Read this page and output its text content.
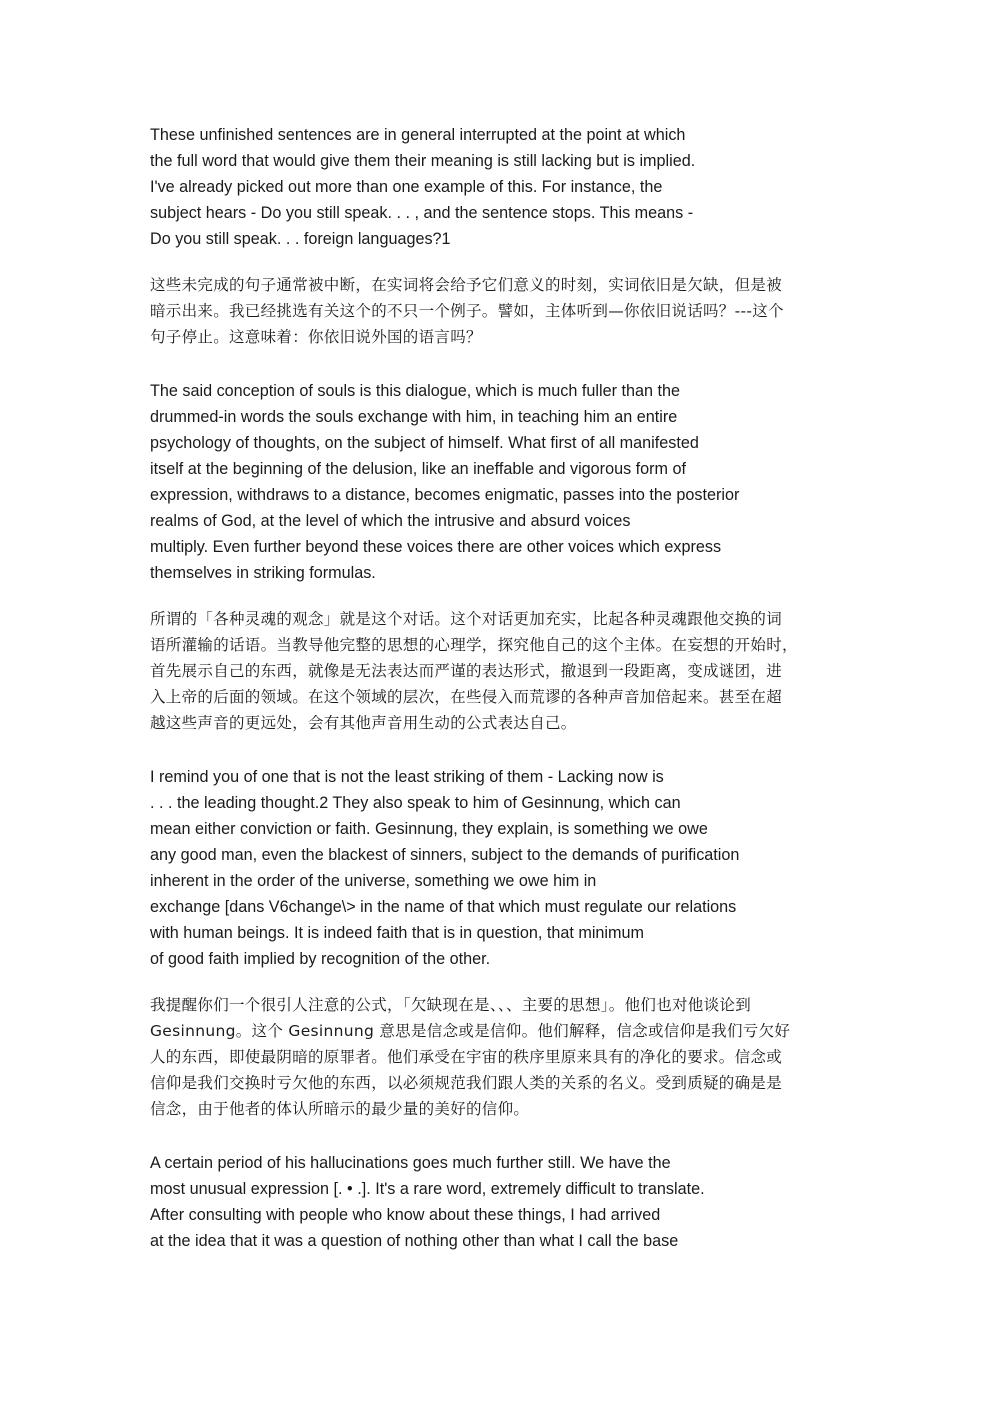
These unfinished sentences are in general interrupted at the point at which
the full word that would give them their meaning is still lacking but is implied.
I've already picked out more than one example of this. For instance, the
subject hears - Do you still speak. . . , and the sentence stops. This means -
Do you still speak. . . foreign languages?1

这些未完成的句子通常被中断，在实词将会给予它们意义的时刻，实词依旧是欠缺，但是被
暗示出来。我已经挑选有关这个的不只一个例子。譬如，主体听到—你依旧说话吗？---这个
句子停止。这意味着：你依旧说外国的语言吗？

The said conception of souls is this dialogue, which is much fuller than the
drummed-in words the souls exchange with him, in teaching him an entire
psychology of thoughts, on the subject of himself. What first of all manifested
itself at the beginning of the delusion, like an ineffable and vigorous form of
expression, withdraws to a distance, becomes enigmatic, passes into the posterior
realms of God, at the level of which the intrusive and absurd voices
multiply. Even further beyond these voices there are other voices which express
themselves in striking formulas.

所谓的「各种灵魂的观念」就是这个对话。这个对话更加充实，比起各种灵魂跟他交换的词
语所灌输的话语。当教导他完整的思想的心理学，探究他自己的这个主体。在妄想的开始时，
首先展示自己的东西，就像是无法表达而严谨的表达形式，撤退到一段距离，变成谜团，进
入上帝的后面的领域。在这个领域的层次，在些侵入而荒谬的各种声音加倍起来。甚至在超
越这些声音的更远处，会有其他声音用生动的公式表达自己。

I remind you of one that is not the least striking of them - Lacking now is
. . . the leading thought.2 They also speak to him of Gesinnung, which can
mean either conviction or faith. Gesinnung, they explain, is something we owe
any good man, even the blackest of sinners, subject to the demands of purification
inherent in the order of the universe, something we owe him in
exchange [dans V6change\> in the name of that which must regulate our relations
with human beings. It is indeed faith that is in question, that minimum
of good faith implied by recognition of the other.

我提醒你们一个很引人注意的公式，「欠缺现在是、、、主要的思想」。他们也对他谈论到
Gesinnung。这个 Gesinnung 意思是信念或是信仰。他们解释，信念或信仰是我们亏欠好
人的东西，即使最阴暗的原罪者。他们承受在宇宙的秩序里原来具有的净化的要求。信念或
信仰是我们交换时亏欠他的东西，以必须规范我们跟人类的关系的名义。受到质疑的确是是
信念，由于他者的体认所暗示的最少量的美好的信仰。

A certain period of his hallucinations goes much further still. We have the
most unusual expression [. • .]. It's a rare word, extremely difficult to translate.
After consulting with people who know about these things, I had arrived
at the idea that it was a question of nothing other than what I call the base
